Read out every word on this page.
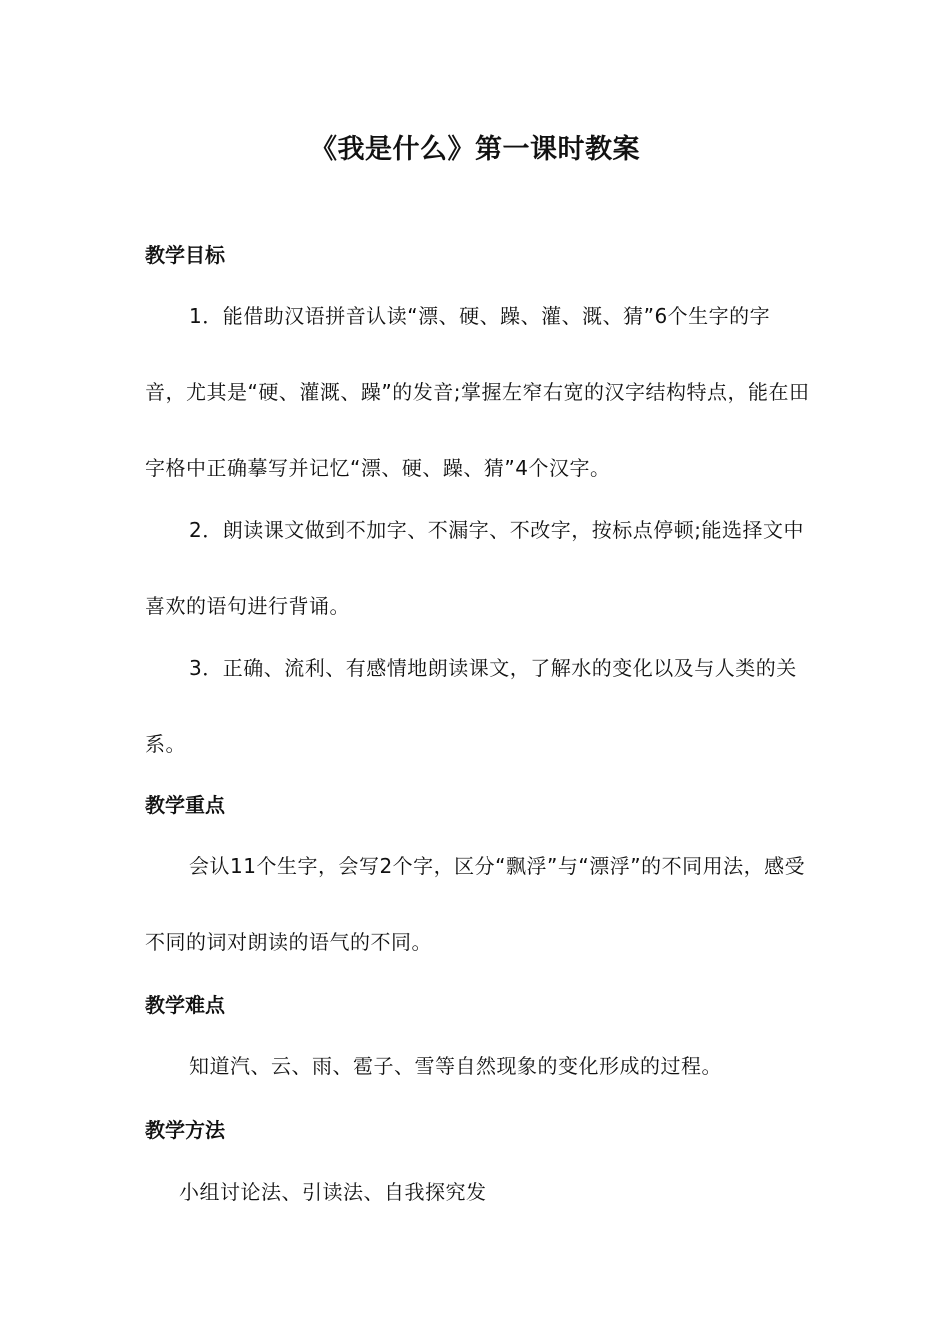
《我是什么》第一课时教案
教学目标
1．能借助汉语拼音认读“漂、硬、躁、灌、溉、猜”6个生字的字音，尤其是“硬、灌溉、躁”的发音;掌握左窄右宽的汉字结构特点，能在田字格中正确摹写并记忆“漂、硬、躁、猜”4个汉字。
2．朗读课文做到不加字、不漏字、不改字，按标点停顿;能选择文中喜欢的语句进行背诵。
3．正确、流利、有感情地朗读课文，了解水的变化以及与人类的关系。
教学重点
会认11个生字，会写2个字，区分“飘浮”与“漂浮”的不同用法，感受不同的词对朗读的语气的不同。
教学难点
知道汽、云、雨、雹子、雪等自然现象的变化形成的过程。
教学方法
小组讨论法、引读法、自我探究发
